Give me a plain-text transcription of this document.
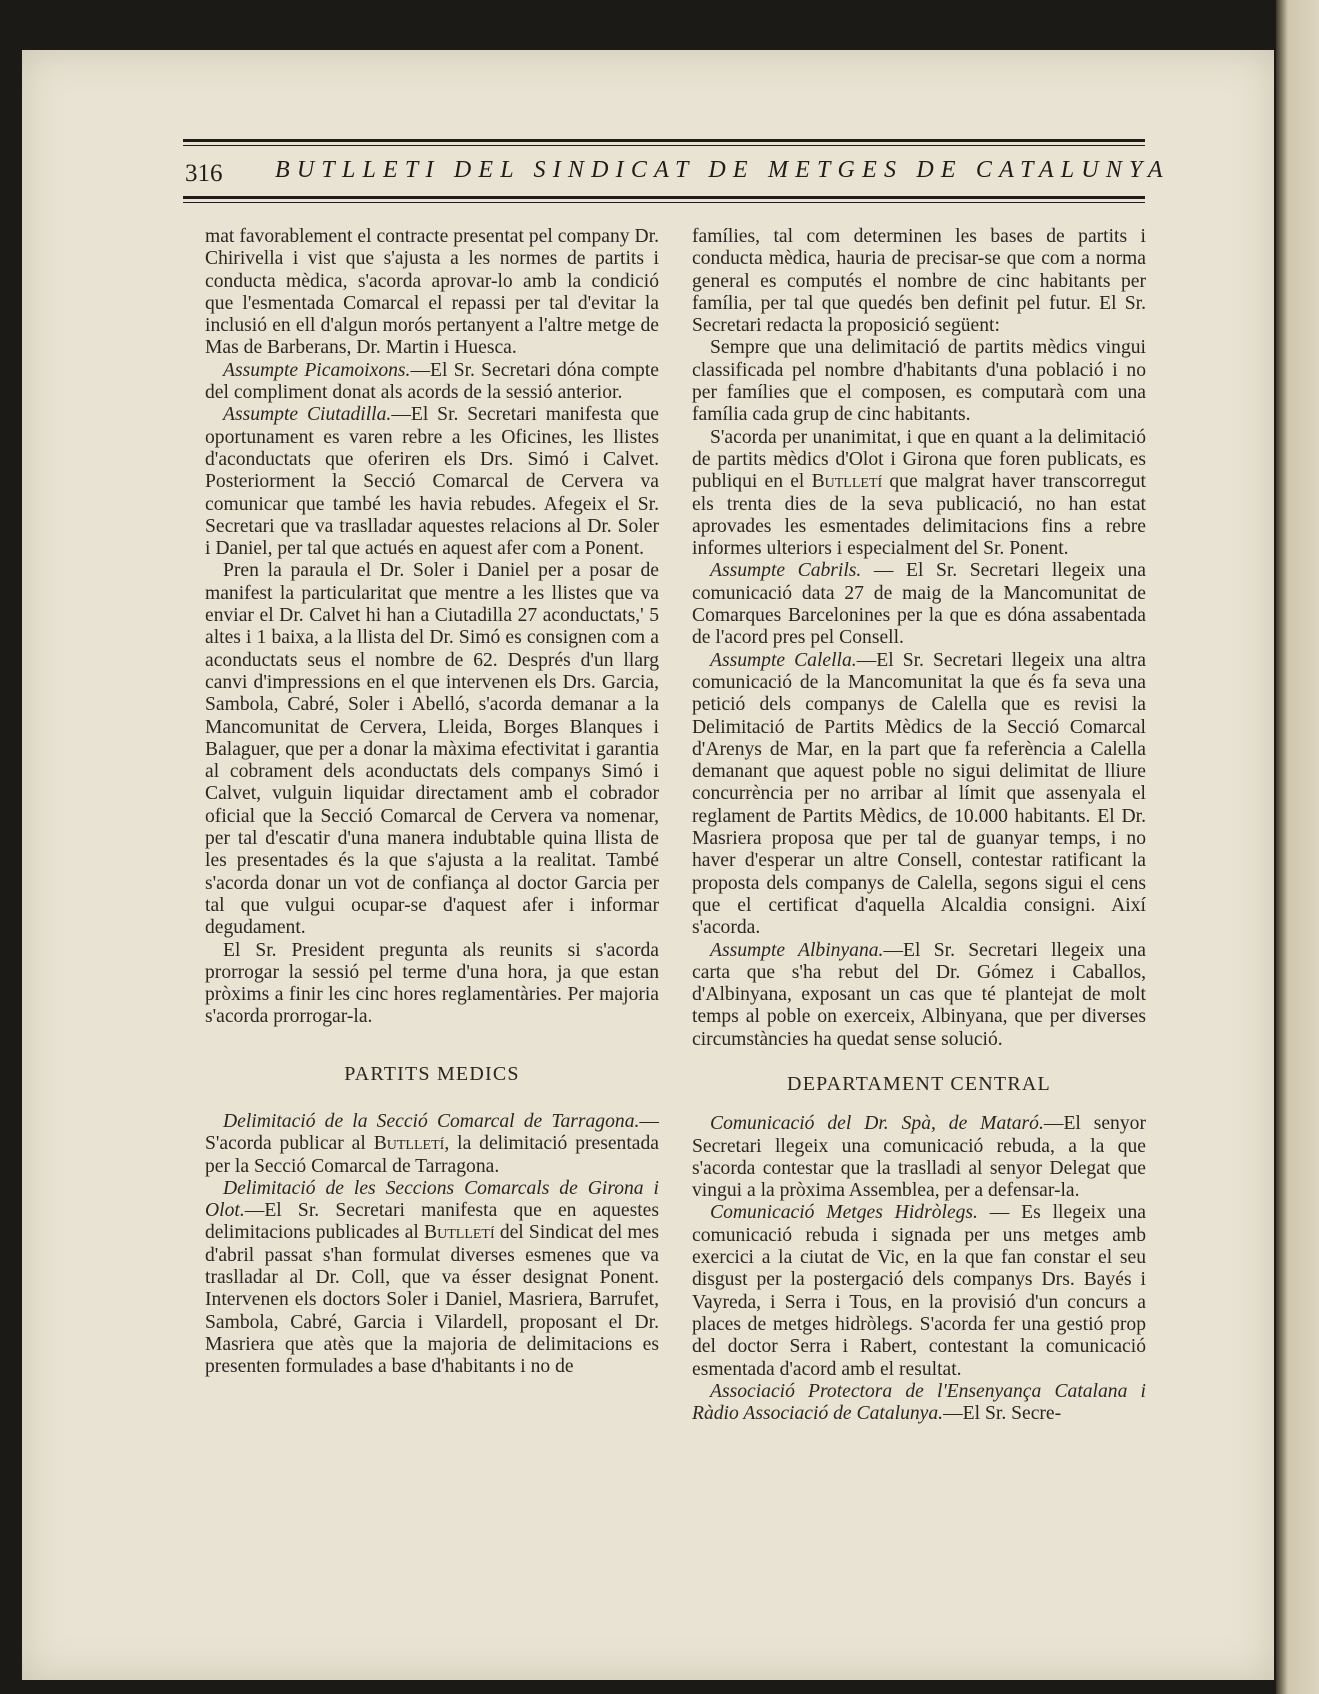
316 BUTLLETI DEL SINDICAT DE METGES DE CATALUNYA

mat favorablement el contracte presentat pel company Dr. Chirivella i vist que s'ajusta a les normes de partits i conducta mèdica, s'acorda aprovar-lo amb la condició que l'esmentada Comarcal el repassi per tal d'evitar la inclusió en ell d'algun morós pertanyent a l'altre metge de Mas de Barberans, Dr. Martin i Huesca.

Assumpte Picamoixons.—El Sr. Secretari dóna compte del compliment donat als acords de la sessió anterior.

Assumpte Ciutadilla.—El Sr. Secretari manifesta que oportunament es varen rebre a les Oficines, les llistes d'aconductats que oferiren els Drs. Simó i Calvet. Posteriorment la Secció Comarcal de Cervera va comunicar que també les havia rebudes. Afegeix el Sr. Secretari que va traslladar aquestes relacions al Dr. Soler i Daniel, per tal que actués en aquest afer com a Ponent.

Pren la paraula el Dr. Soler i Daniel per a posar de manifest la particularitat que mentre a les llistes que va enviar el Dr. Calvet hi han a Ciutadilla 27 aconductats,' 5 altes i 1 baixa, a la llista del Dr. Simó es consignen com a aconductats seus el nombre de 62. Després d'un llarg canvi d'impressions en el que intervenen els Drs. Garcia, Sambola, Cabré, Soler i Abelló, s'acorda demanar a la Mancomunitat de Cervera, Lleida, Borges Blanques i Balaguer, que per a donar la màxima efectivitat i garantia al cobrament dels aconductats dels companys Simó i Calvet, vulguin liquidar directament amb el cobrador oficial que la Secció Comarcal de Cervera va nomenar, per tal d'escatir d'una manera indubtable quina llista de les presentades és la que s'ajusta a la realitat. També s'acorda donar un vot de confiança al doctor Garcia per tal que vulgui ocupar-se d'aquest afer i informar degudament.

El Sr. President pregunta als reunits si s'acorda prorrogar la sessió pel terme d'una hora, ja que estan pròxims a finir les cinc hores reglamentàries. Per majoria s'acorda prorrogar-la.

PARTITS MEDICS

Delimitació de la Secció Comarcal de Tarragona.—S'acorda publicar al Butlletí, la delimitació presentada per la Secció Comarcal de Tarragona.

Delimitació de les Seccions Comarcals de Girona i Olot.—El Sr. Secretari manifesta que en aquestes delimitacions publicades al Butlletí del Sindicat del mes d'abril passat s'han formulat diverses esmenes que va traslladar al Dr. Coll, que va ésser designat Ponent. Intervenen els doctors Soler i Daniel, Masriera, Barrufet, Sambola, Cabré, Garcia i Vilardell, proposant el Dr. Masriera que atès que la majoria de delimitacions es presenten formulades a base d'habitants i no de

famílies, tal com determinen les bases de partits i conducta mèdica, hauria de precisar-se que com a norma general es computés el nombre de cinc habitants per família, per tal que quedés ben definit pel futur. El Sr. Secretari redacta la proposició següent:

Sempre que una delimitació de partits mèdics vingui classificada pel nombre d'habitants d'una població i no per famílies que el composen, es computarà com una família cada grup de cinc habitants.

S'acorda per unanimitat, i que en quant a la delimitació de partits mèdics d'Olot i Girona que foren publicats, es publiqui en el Butlletí que malgrat haver transcorregut els trenta dies de la seva publicació, no han estat aprovades les esmentades delimitacions fins a rebre informes ulteriors i especialment del Sr. Ponent.

Assumpte Cabrils. — El Sr. Secretari llegeix una comunicació data 27 de maig de la Mancomunitat de Comarques Barcelonines per la que es dóna assabentada de l'acord pres pel Consell.

Assumpte Calella.—El Sr. Secretari llegeix una altra comunicació de la Mancomunitat la que és fa seva una petició dels companys de Calella que es revisi la Delimitació de Partits Mèdics de la Secció Comarcal d'Arenys de Mar, en la part que fa referència a Calella demanant que aquest poble no sigui delimitat de lliure concurrència per no arribar al límit que assenyala el reglament de Partits Mèdics, de 10.000 habitants. El Dr. Masriera proposa que per tal de guanyar temps, i no haver d'esperar un altre Consell, contestar ratificant la proposta dels companys de Calella, segons sigui el cens que el certificat d'aquella Alcaldia consigni. Així s'acorda.

Assumpte Albinyana.—El Sr. Secretari llegeix una carta que s'ha rebut del Dr. Gómez i Caballos, d'Albinyana, exposant un cas que té plantejat de molt temps al poble on exerceix, Albinyana, que per diverses circumstàncies ha quedat sense solució.

DEPARTAMENT CENTRAL

Comunicació del Dr. Spà, de Mataró.—El senyor Secretari llegeix una comunicació rebuda, a la que s'acorda contestar que la traslladi al senyor Delegat que vingui a la pròxima Assemblea, per a defensar-la.

Comunicació Metges Hidròlegs. — Es llegeix una comunicació rebuda i signada per uns metges amb exercici a la ciutat de Vic, en la que fan constar el seu disgust per la postergació dels companys Drs. Bayés i Vayreda, i Serra i Tous, en la provisió d'un concurs a places de metges hidròlegs. S'acorda fer una gestió prop del doctor Serra i Rabert, contestant la comunicació esmentada d'acord amb el resultat.

Associació Protectora de l'Ensenyança Catalana i Ràdio Associació de Catalunya.—El Sr. Secre-
